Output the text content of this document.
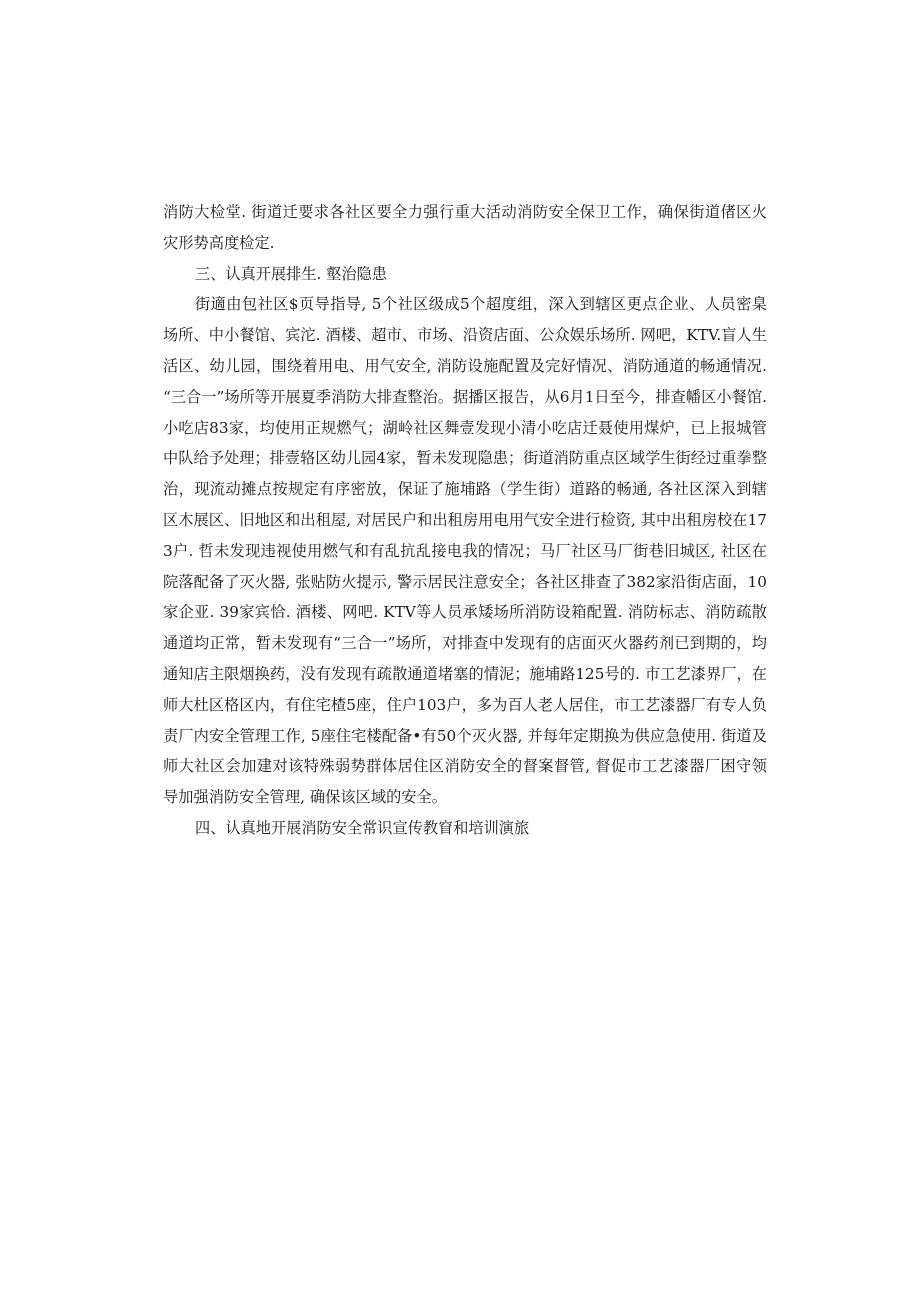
消防大检堂. 街道迁要求各社区要全力强行重大活动消防安全保卫工作，确保街道偖区火灾形势高度检定.

三、认真开展排生. 壑治隐患

街適由包社区$页导指导, 5个社区级成5个超度组，深入到辖区更点企业、人员密臬场所、中小餐馆、宾沱. 酒楼、超市、市场、沿资店面、公众娱乐场所. 网吧，KTV.盲人生活区、幼儿园，围绕着用电、用气安全, 消防设施配置及完好情况、消防通道的畅通情况. “三合一”场所等开展夏季消防大排查整治。据播区报告，从6月1日至今，排查幡区小餐馆. 小吃店83家，均使用正规燃气；湖岭社区舞壹发现小清小吃店迁聂使用煤炉，已上报城管中队给予处理；排壹辂区幼儿园4家，暂未发现隐患；街道消防重点区域学生街经过重拳整治，现流动摊点按规定有序密放，保证了施埔路（学生街）道路的畅通, 各社区深入到辖区木展区、旧地区和出租屋, 对居民户和出租房用电用气安全进行检资, 其中出租房校在173户. 哲未发现违视使用燃气和有乱抗乱接电我的情况；马厂社区马厂街巷旧城区, 社区在院落配备了灭火器, 张贴防火提示, 警示居民注意安全；各社区排查了382家沿街店面，10家企亚. 39家宾恰. 酒楼、网吧. KTV等人员承矮场所消防设箱配置. 消防标志、消防疏散通道均正常，暂未发现有“三合一”场所，对排查中发现有的店面灭火器药剂已到期的，均通知店主限烟换药，没有发现有疏散通道堵塞的情泥；施埔路125号的. 市工艺漆界厂，在师大杜区格区内，有住宅楂5座，住户103户，多为百人老人居住，市工艺漆器厂有专人负责厂内安全管理工作, 5座住宅楼配备•有50个灭火器, 并每年定期换为供应急使用. 街道及师大社区会加建对该特殊弱势群体居住区消防安全的督案督管, 督促市工艺漆器厂困守领导加强消防安全管理, 确保该区域的安全。

四、认真地开展消防安全常识宣传教窅和培训演旅
